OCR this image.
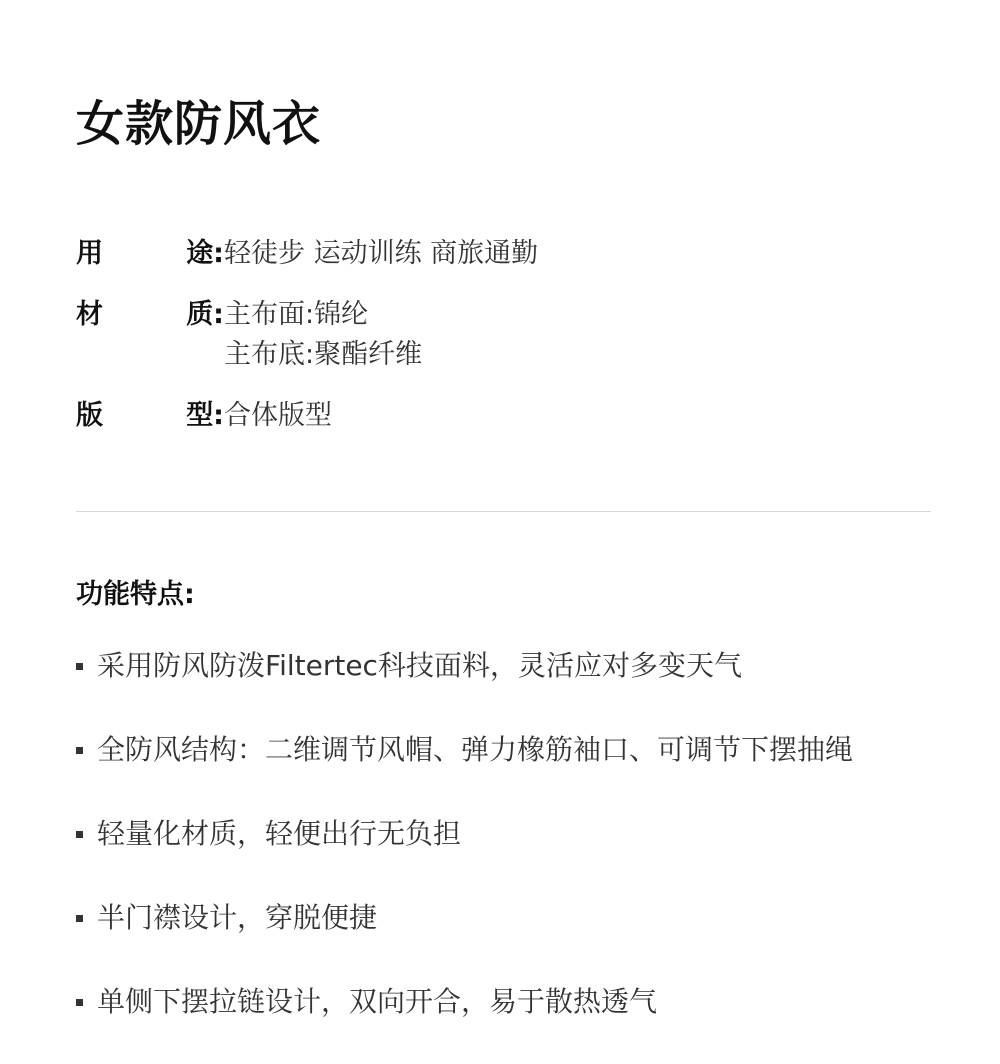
女款防风衣
用	途: 轻徒步 运动训练 商旅通勤
材	质: 主布面:锦纶
主布底:聚酯纤维
版	型: 合体版型
功能特点:
采用防风防泼Filtertec科技面料，灵活应对多变天气
全防风结构：二维调节风帽、弹力橡筋袖口、可调节下摆抽绳
轻量化材质，轻便出行无负担
半门襟设计，穿脱便捷
单侧下摆拉链设计，双向开合，易于散热透气
